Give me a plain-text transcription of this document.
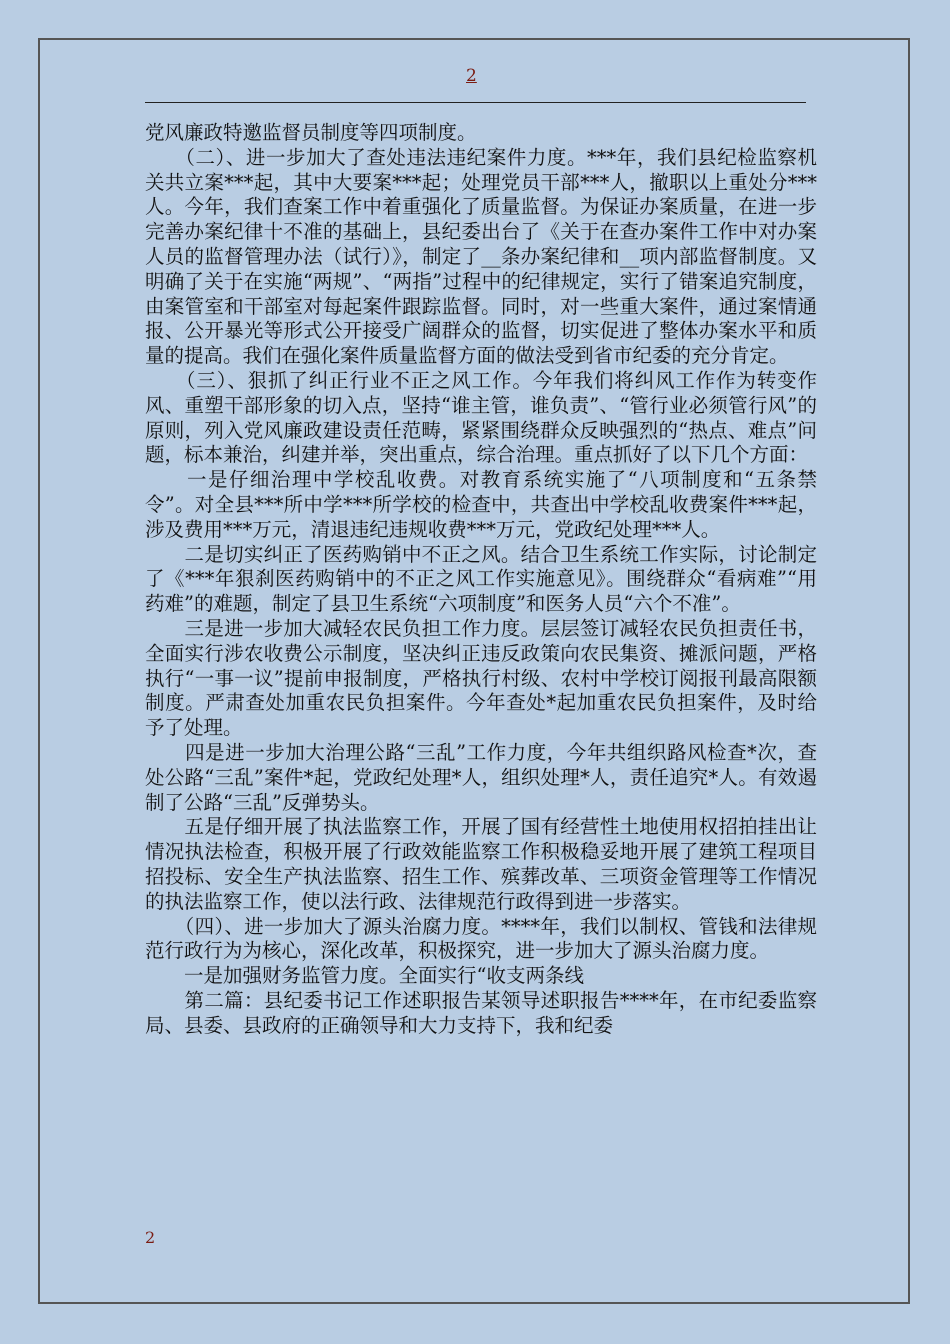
2

党风廉政特邀监督员制度等四项制度。

　　（二）、进一步加大了查处违法违纪案件力度。***年，我们县纪检监察机关共立案***起，其中大要案***起；处理党员干部***人，撤职以上重处分***人。今年，我们查案工作中着重强化了质量监督。为保证办案质量，在进一步完善办案纪律十不准的基础上，县纪委出台了《关于在查办案件工作中对办案人员的监督管理办法（试行）》，制定了__条办案纪律和__项内部监督制度。又明确了关于在实施“两规”、“两指”过程中的纪律规定，实行了错案追究制度，由案管室和干部室对每起案件跟踪监督。同时，对一些重大案件，通过案情通报、公开暴光等形式公开接受广阔群众的监督，切实促进了整体办案水平和质量的提高。我们在强化案件质量监督方面的做法受到省市纪委的充分肯定。

　　（三）、狠抓了纠正行业不正之风工作。今年我们将纠风工作作为转变作风、重塑干部形象的切入点，坚持“谁主管，谁负责”、“管行业必须管行风”的原则，列入党风廉政建设责任范畴，紧紧围绕群众反映强烈的“热点、难点”问题，标本兼治，纠建并举，突出重点，综合治理。重点抓好了以下几个方面：

　　一是仔细治理中学校乱收费。对教育系统实施了“八项制度和“五条禁令”。对全县***所中学***所学校的检查中，共查出中学校乱收费案件***起，涉及费用***万元，清退违纪违规收费***万元，党政纪处理***人。

　　二是切实纠正了医药购销中不正之风。结合卫生系统工作实际，讨论制定了《***年狠刹医药购销中的不正之风工作实施意见》。围绕群众“看病难”“用药难”的难题，制定了县卫生系统“六项制度”和医务人员“六个不准”。

　　三是进一步加大减轻农民负担工作力度。层层签订减轻农民负担责任书，全面实行涉农收费公示制度，坚决纠正违反政策向农民集资、摊派问题，严格执行“一事一议”提前申报制度，严格执行村级、农村中学校订阅报刊最高限额制度。严肃查处加重农民负担案件。今年查处*起加重农民负担案件，及时给予了处理。

　　四是进一步加大治理公路“三乱”工作力度，今年共组织路风检查*次，查处公路“三乱”案件*起，党政纪处理*人，组织处理*人，责任追究*人。有效遏制了公路“三乱”反弹势头。

　　五是仔细开展了执法监察工作，开展了国有经营性土地使用权招拍挂出让情况执法检查，积极开展了行政效能监察工作积极稳妥地开展了建筑工程项目招投标、安全生产执法监察、招生工作、殡葬改革、三项资金管理等工作情况的执法监察工作，使以法行政、法律规范行政得到进一步落实。

　　（四）、进一步加大了源头治腐力度。****年，我们以制权、管钱和法律规范行政行为为核心，深化改革，积极探究，进一步加大了源头治腐力度。

　　一是加强财务监管力度。全面实行“收支两条线

　　第二篇：县纪委书记工作述职报告某领导述职报告****年，在市纪委监察局、县委、县政府的正确领导和大力支持下，我和纪委

2
